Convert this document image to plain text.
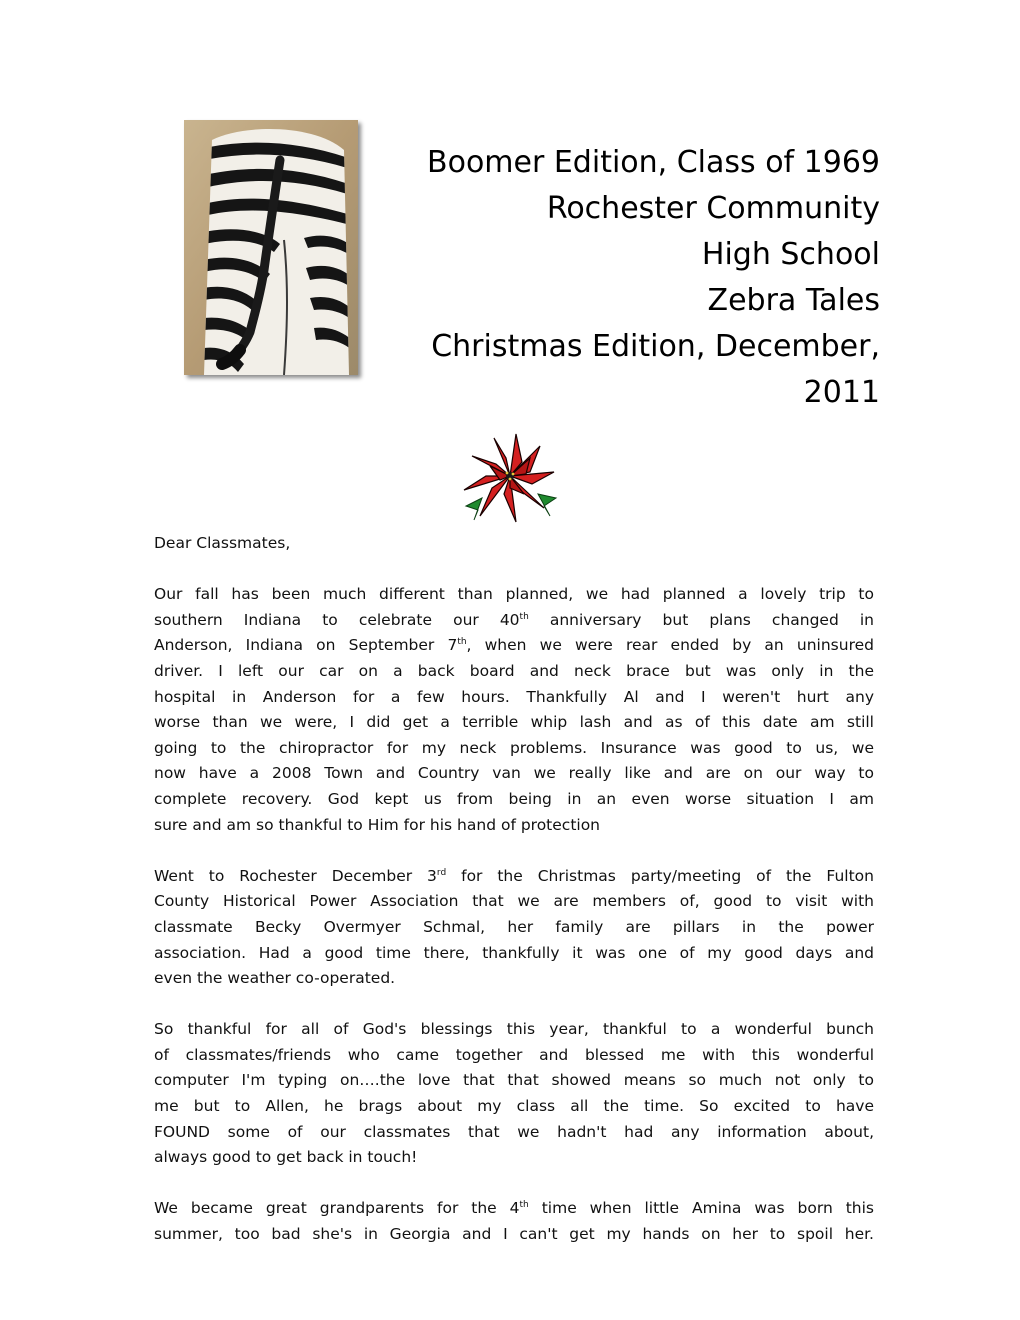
Boomer Edition, Class of 1969
Rochester Community
High School
Zebra Tales
Christmas Edition, December,
2011
Dear Classmates,
Our fall has been much different than planned, we had planned a lovely trip to
southern Indiana to celebrate our 40th anniversary but plans changed in
Anderson, Indiana on September 7th, when we were rear ended by an uninsured
driver. I left our car on a back board and neck brace but was only in the
hospital in Anderson for a few hours. Thankfully Al and I weren't hurt any
worse than we were, I did get a terrible whip lash and as of this date am still
going to the chiropractor for my neck problems. Insurance was good to us, we
now have a 2008 Town and Country van we really like and are on our way to
complete recovery. God kept us from being in an even worse situation I am
sure and am so thankful to Him for his hand of protection
Went to Rochester December 3rd for the Christmas party/meeting of the Fulton
County Historical Power Association that we are members of, good to visit with
classmate Becky Overmyer Schmal, her family are pillars in the power
association. Had a good time there, thankfully it was one of my good days and
even the weather co-operated.
So thankful for all of God's blessings this year, thankful to a wonderful bunch
of classmates/friends who came together and blessed me with this wonderful
computer I'm typing on….the love that that showed means so much not only to
me but to Allen, he brags about my class all the time. So excited to have
FOUND some of our classmates that we hadn't had any information about,
always good to get back in touch!
We became great grandparents for the 4th time when little Amina was born this
summer, too bad she's in Georgia and I can't get my hands on her to spoil her.
